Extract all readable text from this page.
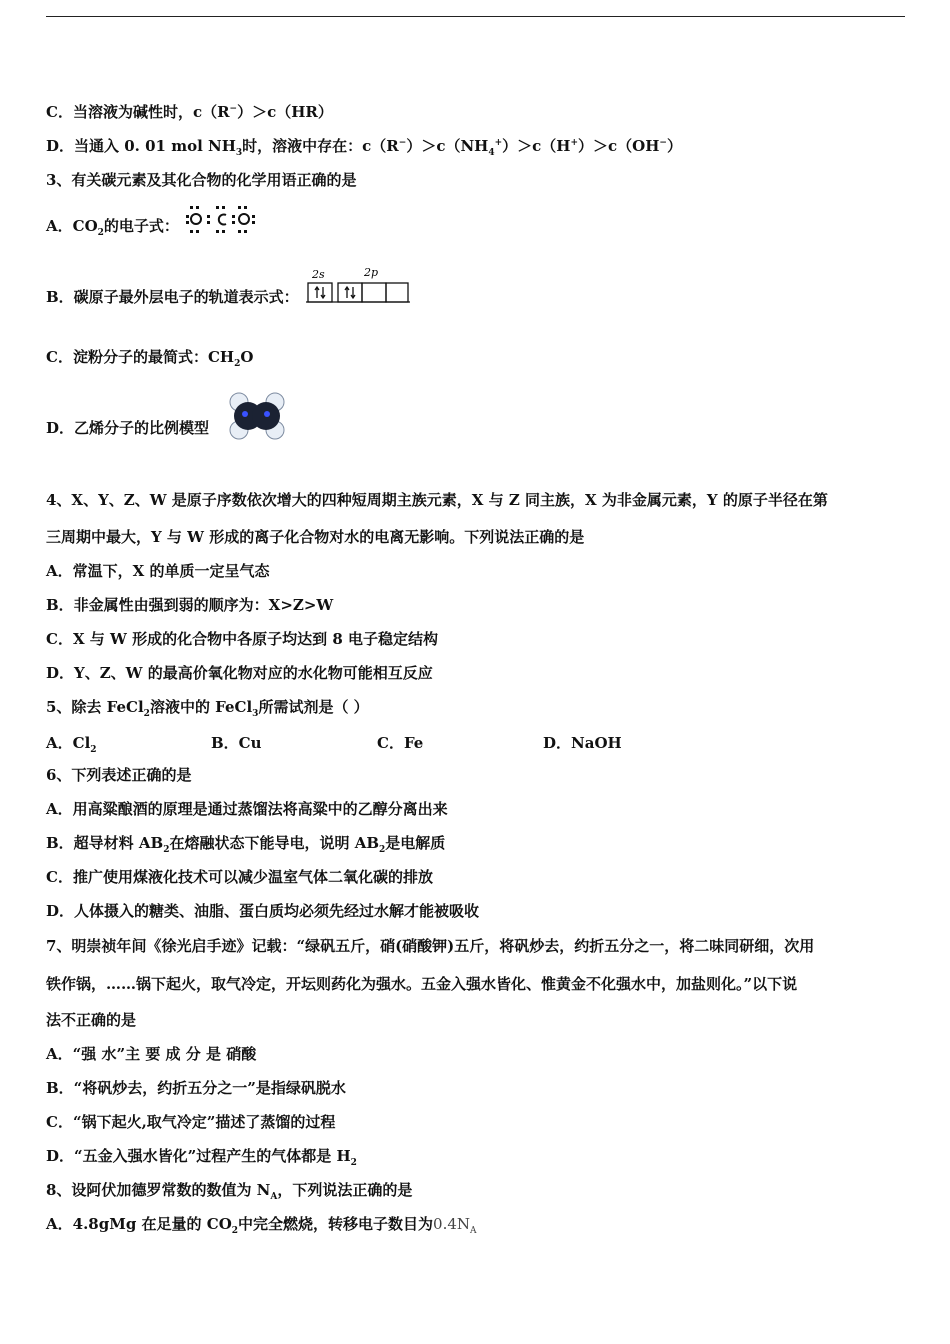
C．当溶液为碱性时，c（R−）＞c（HR）
D．当通入 0. 01 mol $NH_3$时，溶液中存在：$c(R^-)>c(NH_4^+)>c(H^+)>c(OH^-)$
3、有关碳元素及其化合物的化学用语正确的是
A．$CO_2$的电子式：
B．碳原子最外层电子的轨道表示式：
2s	2p
C．淀粉分子的最简式：$CH_2O$
D．乙烯分子的比例模型
4、X、Y、Z、W 是原子序数依次增大的四种短周期主族元素，X 与 Z 同主族，X 为非金属元素，Y 的原子半径在第
三周期中最大，Y 与 W 形成的离子化合物对水的电离无影响。下列说法正确的是
A．常温下，X 的单质一定呈气态
B．非金属性由强到弱的顺序为：X>Z>W
C．X 与 W 形成的化合物中各原子均达到 8 电子稳定结构
D．Y、Z、W 的最高价氧化物对应的水化物可能相互反应
5、除去 FeCl$_2$溶液中的 FeCl$_3$所需试剂是（ ）
A．$Cl_2$	B．Cu	C．Fe	D．NaOH
6、下列表述正确的是
A．用高粱酿酒的原理是通过蒸馏法将高粱中的乙醇分离出来
B．超导材料 $AB_2$在熔融状态下能导电，说明 $AB_2$是电解质
C．推广使用煤液化技术可以减少温室气体二氧化碳的排放
D．人体摄入的糖类、油脂、蛋白质均必须先经过水解才能被吸收
7、明崇祯年间《徐光启手迹》记载：“绿矾五斤，硝(硝酸钾)五斤，将矾炒去，约折五分之一，将二味同研细，次用
铁作锅，……锅下起火，取气冷定，开坛则药化为强水。五金入强水皆化、惟黄金不化强水中，加盐则化。”以下说
法不正确的是
A．“强 水”主 要 成 分 是 硝酸
B．“将矾炒去，约折五分之一”是指绿矾脱水
C．“锅下起火,取气冷定”描述了蒸馏的过程
D．“五金入强水皆化”过程产生的气体都是 $H_2$
8、设阿伏加德罗常数的数值为 $N_A$，下列说法正确的是
A．4.8gMg 在足量的 $CO_2$中完全燃烧，转移电子数目为$0.4N_A$
